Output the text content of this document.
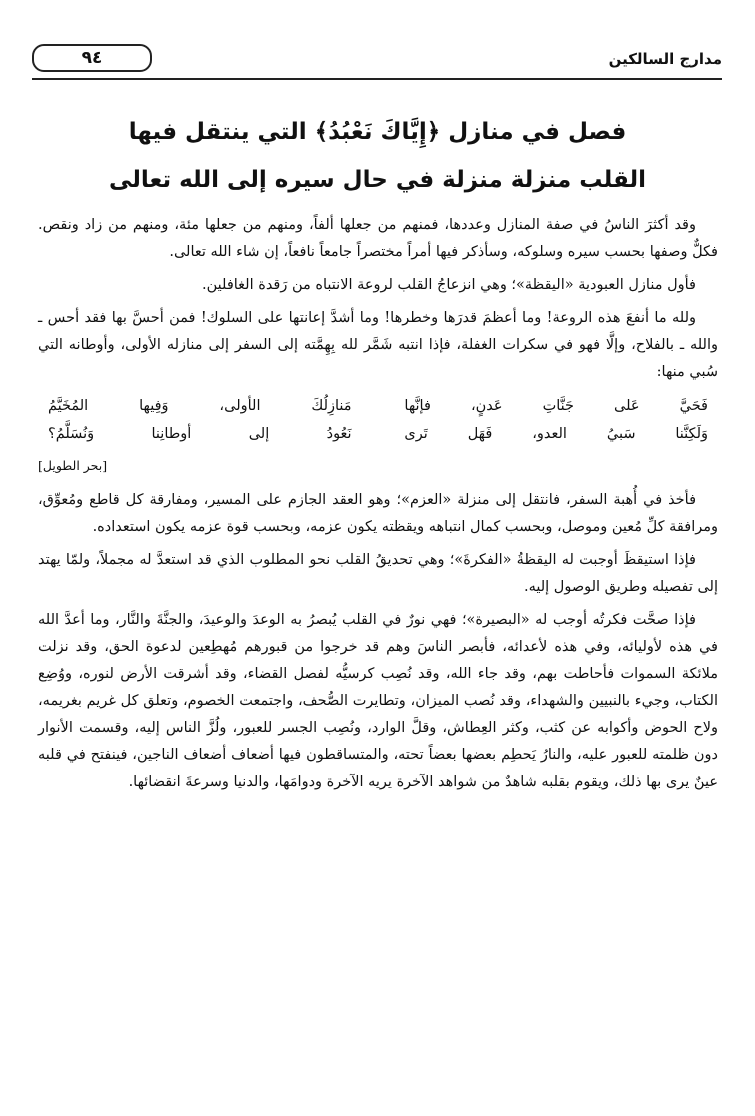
مدارج السالكين
٩٤
فصل في منازل ﴿إِيَّاكَ نَعْبُدُ﴾ التي ينتقل فيها
القلب منزلة منزلة في حال سيره إلى الله تعالى

وقد أكثرَ الناسُ في صفة المنازل وعددها، فمنهم من جعلها ألفاً، ومنهم من جعلها مئة، ومنهم من زاد ونقص. فكلٌّ وصفها بحسب سيره وسلوكه، وسأذكر فيها أمراً مختصراً جامعاً نافعاً، إن شاء الله تعالى.

فأول منازل العبودية «اليقظة»؛ وهي انزعاجُ القلب لروعة الانتباه من رَقدة الغافلين.

ولله ما أنفعَ هذه الروعة! وما أعظمَ قدرَها وخطرها! وما أشدَّ إعانتها على السلوك! فمن أحسَّ بها فقد أحس ـ والله ـ بالفلاح، وإلَّا فهو في سكرات الغفلة، فإذا انتبه شَمَّر لله بِهِمَّته إلى السفر إلى منازله الأولى، وأوطانه التي سُبي منها:

فَحَيَّ عَلى جَنَّاتِ عَدنٍ، فإنَّها
مَنازِلُكَ الأولى، وَفِيها المُخَيَّمُ
وَلَكِنَّنا سَبيُ العدو، فَهَل تَرى
نَعُودُ إلى أوطانِنا وَنُسَلَّمُ؟
[بحر الطويل]

فأخذ في أُهبة السفر، فانتقل إلى منزلة «العزم»؛ وهو العقد الجازم على المسير، ومفارقة كل قاطع ومُعوِّق، ومرافقة كلِّ مُعين وموصل، وبحسب كمال انتباهه ويقظته يكون عزمه، وبحسب قوة عزمه يكون استعداده.

فإذا استيقظَ أوجبت له اليقظةُ «الفكرةَ»؛ وهي تحديقُ القلب نحو المطلوب الذي قد استعدَّ له مجملاً، ولمّا يهتد إلى تفصيله وطريق الوصول إليه.

فإذا صحَّت فكرتُه أوجب له «البصيرة»؛ فهي نورٌ في القلب يُبصرُ به الوعدَ والوعيدَ، والجنَّةَ والنَّار، وما أعدَّ الله في هذه لأوليائه، وفي هذه لأعدائه، فأبصر الناسَ وهم قد خرجوا من قبورهم مُهطِعين لدعوة الحق، وقد نزلت ملائكة السموات فأحاطت بهم، وقد جاء الله، وقد نُصِب كرسيُّه لفصل القضاء، وقد أشرقت الأرض لنوره، ووُضِع الكتاب، وجيء بالنبيين والشهداء، وقد نُصب الميزان، وتطايرت الصُّحف، واجتمعت الخصوم، وتعلق كل غريم بغريمه، ولاح الحوض وأكوابه عن كثب، وكثر العِطاش، وقلَّ الوارد، ونُصِب الجسر للعبور، ولُزَّ الناس إليه، وقسمت الأنوار دون ظلمته للعبور عليه، والنارُ يَحطِم بعضها بعضاً تحته، والمتساقطون فيها أضعاف أضعاف الناجين، فينفتح في قلبه عينٌ يرى بها ذلك، ويقوم بقلبه شاهدٌ من شواهد الآخرة يريه الآخرة ودوامَها، والدنيا وسرعةَ انقضائها.
